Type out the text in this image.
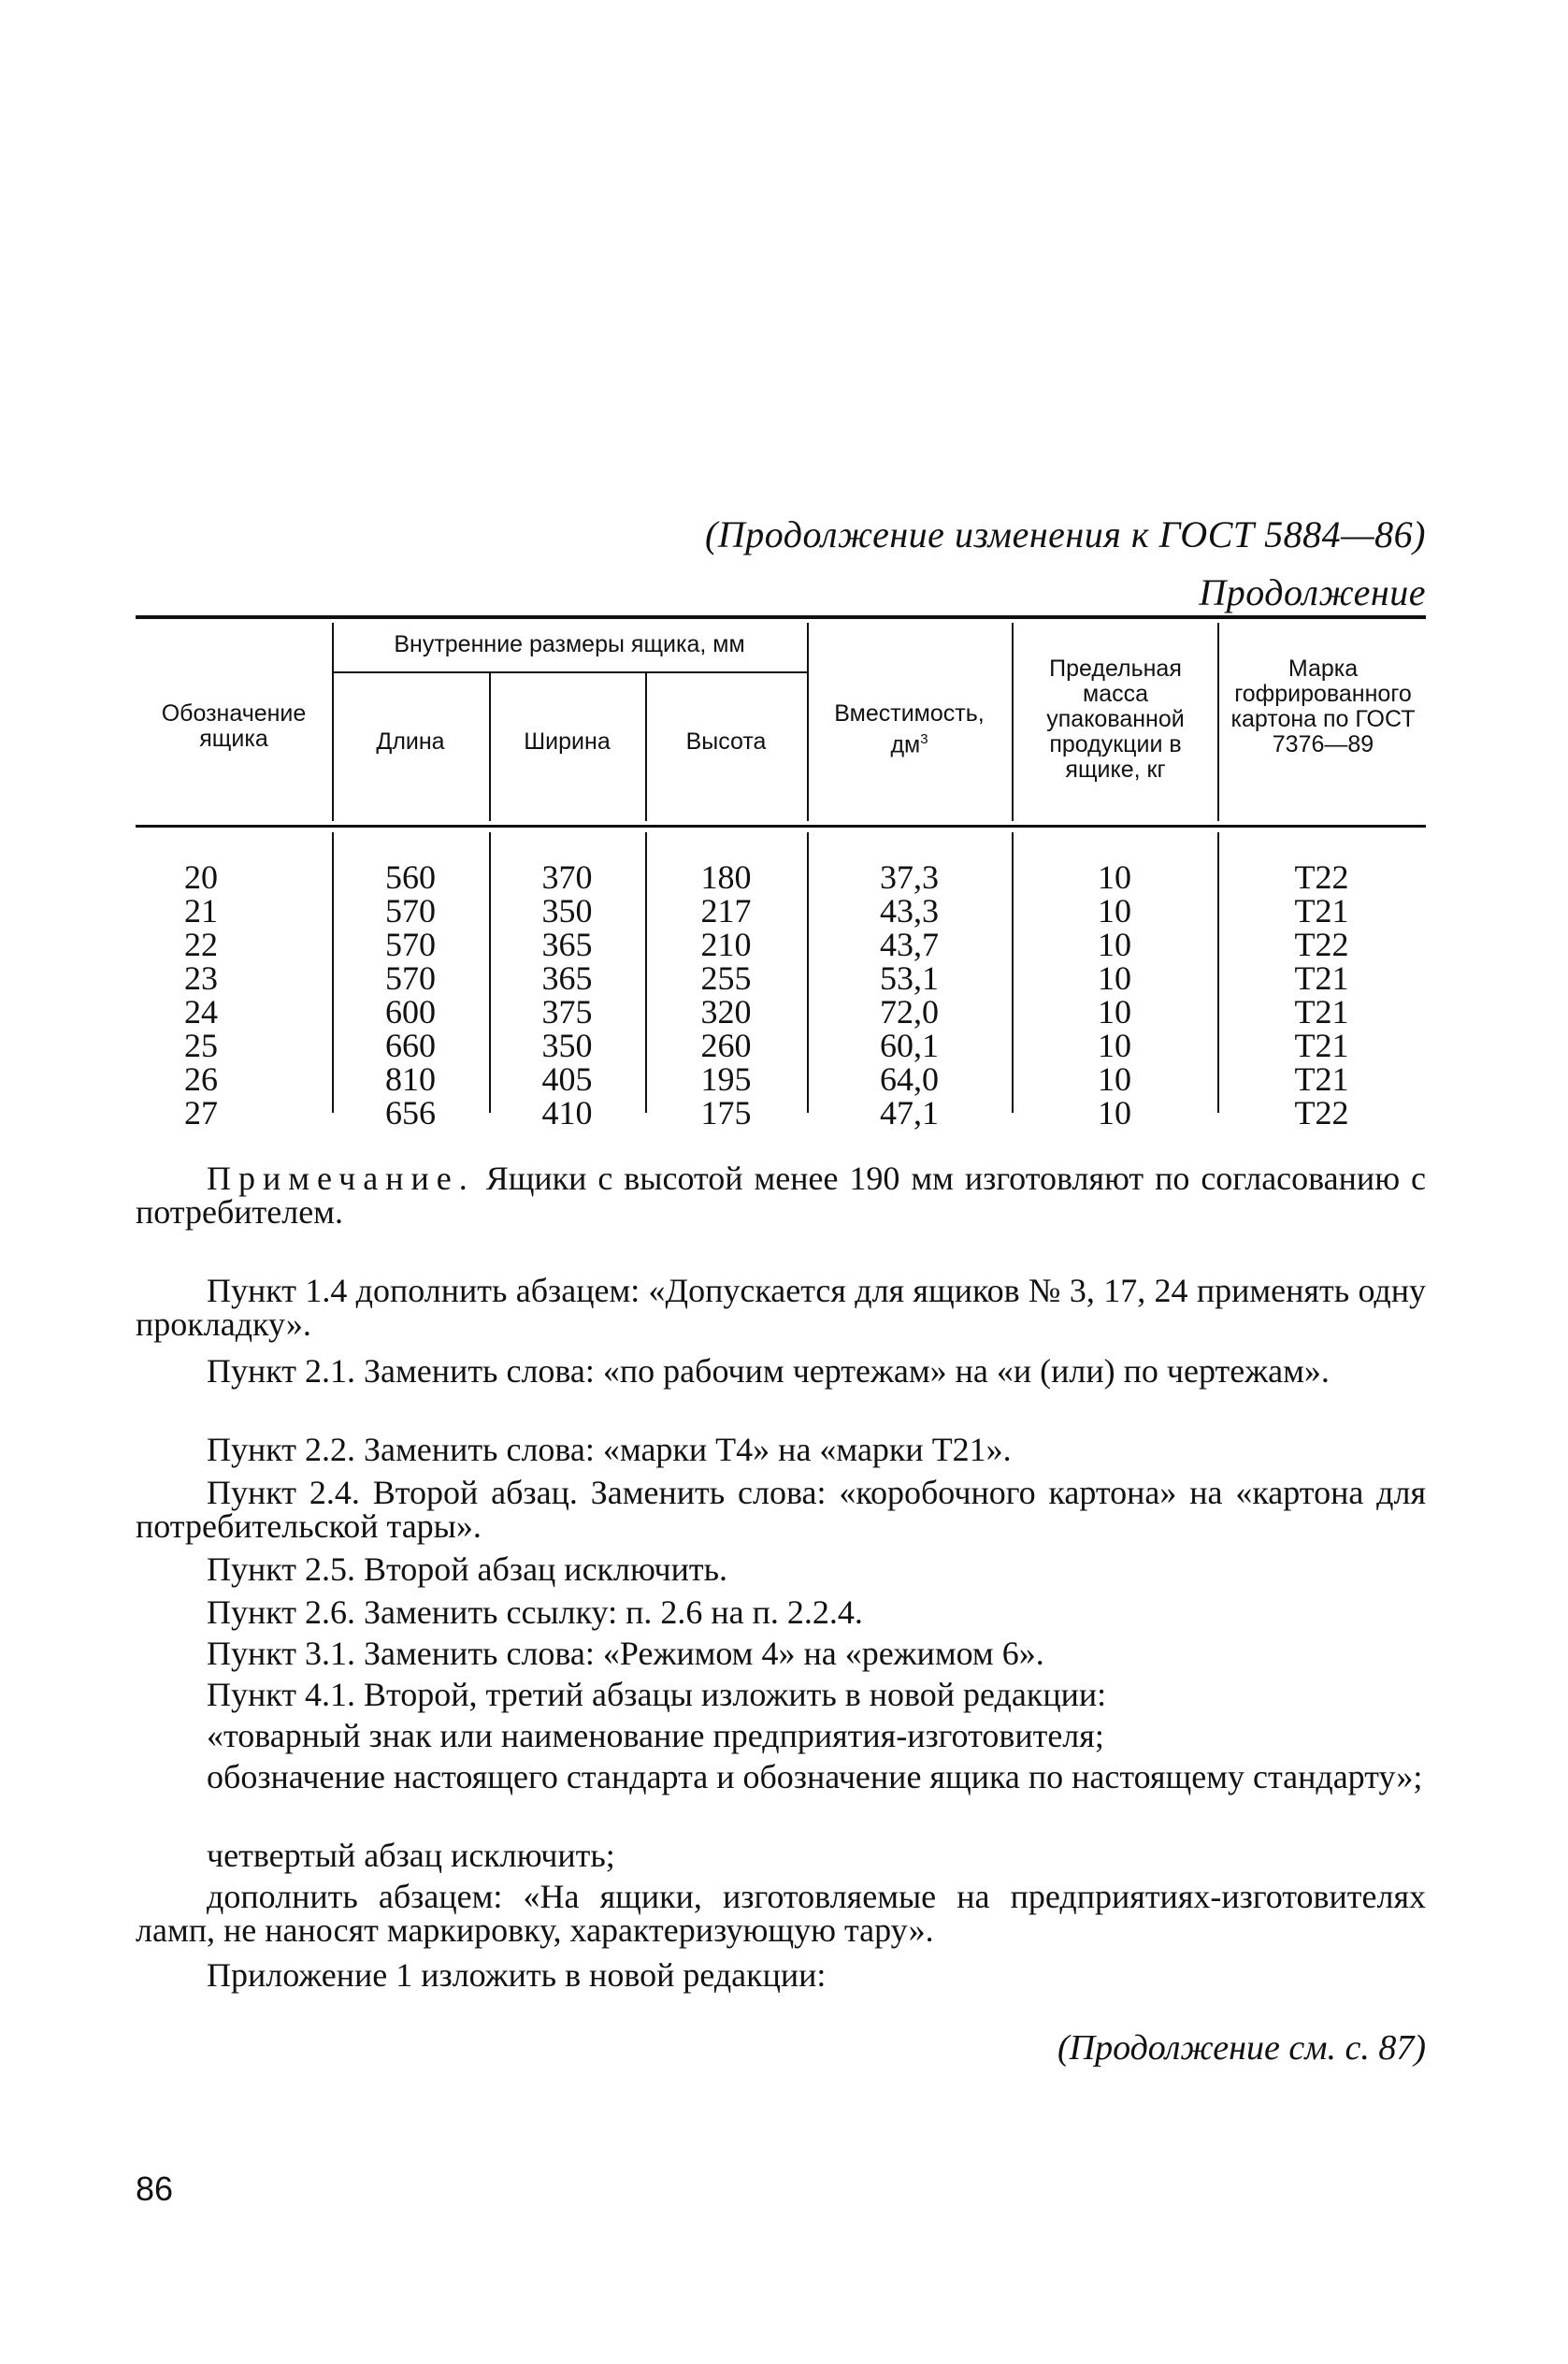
(Продолжение изменения к ГОСТ 5884—86)
Продолжение
Обозначение ящика
Внутренние размеры ящика, мм
Длина	Ширина	Высота
Вместимость,
$дм^3$
Предельная масса упакованной продукции в ящике, кг
Марка гофрированного картона по ГОСТ 7376—89
20
21
22
23
24
25
26
27
560
570
570
570
600
660
810
656
370
350
365
365
375
350
405
410
180
217
210
255
320
260
195
175
37,3
43,3
43,7
53,1
72,0
60,1
64,0
47,1
10
10
10
10
10
10
10
10
Т22
Т21
Т22
Т21
Т21
Т21
Т21
Т22
Примечание. Ящики с высотой менее 190 мм изготовляют по согласованию с потребителем.
Пункт 1.4 дополнить абзацем: «Допускается для ящиков № 3, 17, 24 применять одну прокладку».
Пункт 2.1. Заменить слова: «по рабочим чертежам» на «и (или) по чертежам».
Пункт 2.2. Заменить слова: «марки Т4» на «марки Т21».
Пункт 2.4. Второй абзац. Заменить слова: «коробочного картона» на «картона для потребительской тары».
Пункт 2.5. Второй абзац исключить.
Пункт 2.6. Заменить ссылку: п. 2.6 на п. 2.2.4.
Пункт 3.1. Заменить слова: «Режимом 4» на «режимом 6».
Пункт 4.1. Второй, третий абзацы изложить в новой редакции:
«товарный знак или наименование предприятия-изготовителя;
обозначение настоящего стандарта и обозначение ящика по настоящему стандарту»;
четвертый абзац исключить;
дополнить абзацем: «На ящики, изготовляемые на предприятиях-изготовителях ламп, не наносят маркировку, характеризующую тару».
Приложение 1 изложить в новой редакции:
(Продолжение см. с. 87)
86
